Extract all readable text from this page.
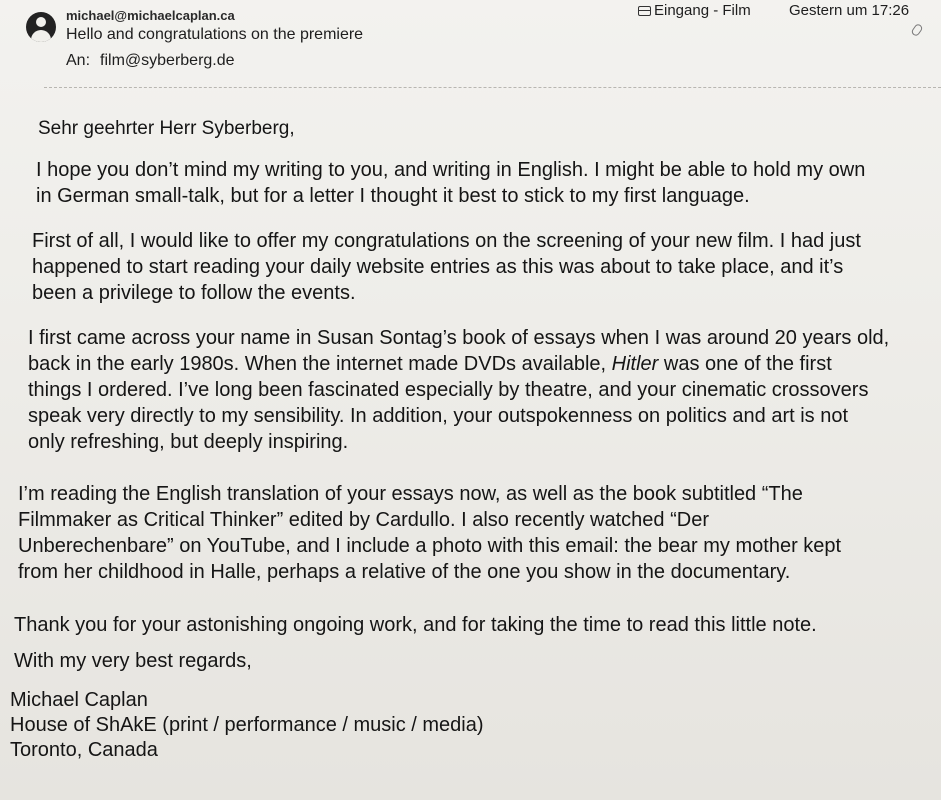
michael@michaelcaplan.ca
Hello and congratulations on the premiere
An: film@syberberg.de
Eingang - Film	Gestern um 17:26
Sehr geehrter Herr Syberberg,
I hope you don’t mind my writing to you, and writing in English. I might be able to hold my own
in German small-talk, but for a letter I thought it best to stick to my first language.
First of all, I would like to offer my congratulations on the screening of your new film. I had just
happened to start reading your daily website entries as this was about to take place, and it’s
been a privilege to follow the events.
I first came across your name in Susan Sontag’s book of essays when I was around 20 years old,
back in the early 1980s. When the internet made DVDs available, Hitler was one of the first
things I ordered. I’ve long been fascinated especially by theatre, and your cinematic crossovers
speak very directly to my sensibility. In addition, your outspokenness on politics and art is not
only refreshing, but deeply inspiring.
I’m reading the English translation of your essays now, as well as the book subtitled “The
Filmmaker as Critical Thinker” edited by Cardullo. I also recently watched “Der
Unberechenbare” on YouTube, and I include a photo with this email: the bear my mother kept
from her childhood in Halle, perhaps a relative of the one you show in the documentary.
Thank you for your astonishing ongoing work, and for taking the time to read this little note.
With my very best regards,
Michael Caplan
House of ShAkE (print / performance / music / media)
Toronto, Canada
